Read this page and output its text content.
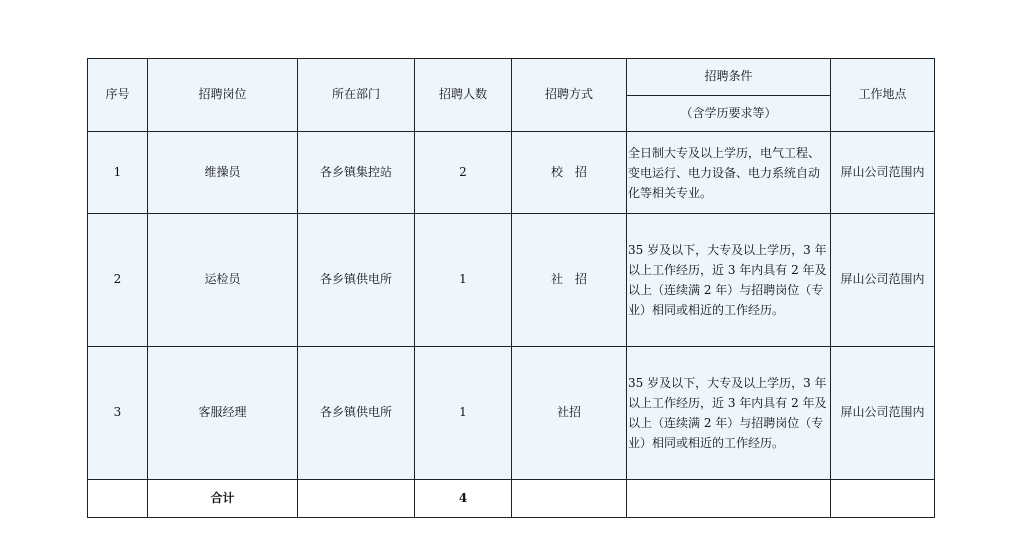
序号	招聘岗位	所在部门	招聘人数	招聘方式	招聘条件	工作地点
					（含学历要求等）	
1	维操员	各乡镇集控站	2	校　招	全日制大专及以上学历，电气工程、变电运行、电力设备、电力系统自动化等相关专业。	屏山公司范围内
2	运检员	各乡镇供电所	1	社　招	35 岁及以下，大专及以上学历，3 年以上工作经历，近 3 年内具有 2 年及以上（连续满 2 年）与招聘岗位（专业）相同或相近的工作经历。	屏山公司范围内
3	客服经理	各乡镇供电所	1	社招	35 岁及以下，大专及以上学历，3 年以上工作经历，近 3 年内具有 2 年及以上（连续满 2 年）与招聘岗位（专业）相同或相近的工作经历。	屏山公司范围内
	合计		4			
